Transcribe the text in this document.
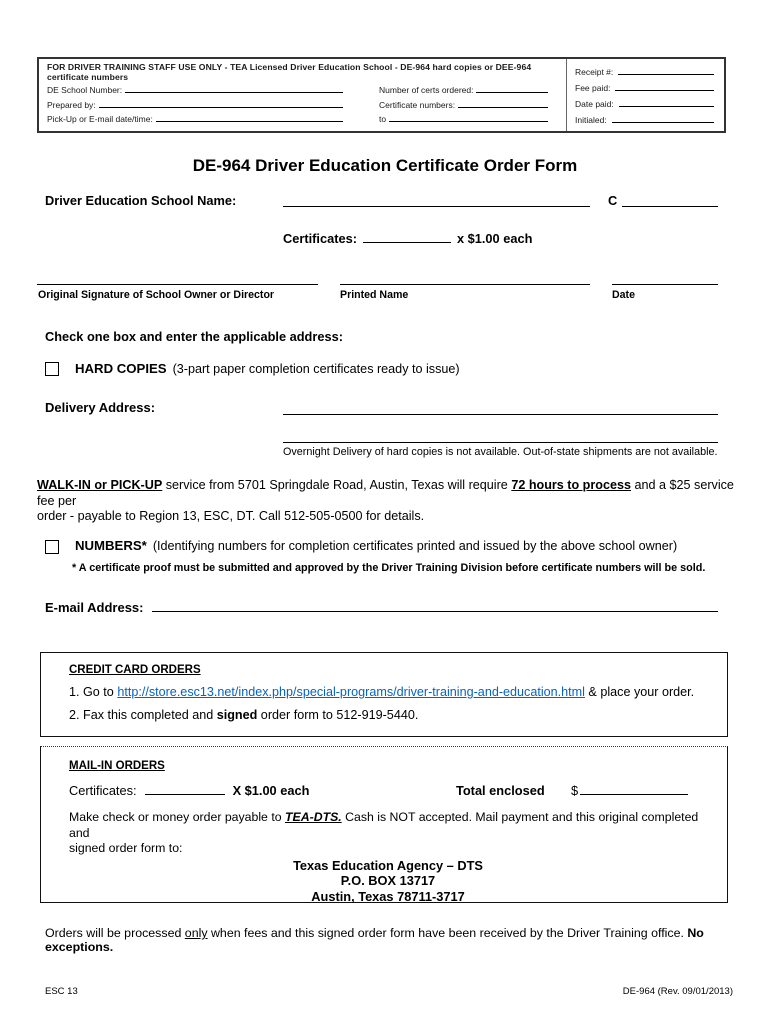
FOR DRIVER TRAINING STAFF USE ONLY - TEA Licensed Driver Education School - DE-964 hard copies or DEE-964 certificate numbers
DE School Number:	Number of certs ordered:
Prepared by:	Certificate numbers:
Pick-Up or E-mail date/time:	to
Receipt #:
Fee paid:
Date paid:
Initialed:
DE-964 Driver Education Certificate Order Form
Driver Education School Name:	C
Certificates:	x $1.00 each
Original Signature of School Owner or Director	Printed Name	Date
Check one box and enter the applicable address:
HARD COPIES (3-part paper completion certificates ready to issue)
Delivery Address:
Overnight Delivery of hard copies is not available. Out-of-state shipments are not available.
WALK-IN or PICK-UP service from 5701 Springdale Road, Austin, Texas will require 72 hours to process and a $25 service fee per
order - payable to Region 13, ESC, DT. Call 512-505-0500 for details.
NUMBERS* (Identifying numbers for completion certificates printed and issued by the above school owner)
* A certificate proof must be submitted and approved by the Driver Training Division before certificate numbers will be sold.
E-mail Address:
CREDIT CARD ORDERS
1. Go to http://store.esc13.net/index.php/special-programs/driver-training-and-education.html & place your order.
2. Fax this completed and signed order form to 512-919-5440.
MAIL-IN ORDERS
Certificates:	X $1.00 each	Total enclosed $
Make check or money order payable to TEA-DTS. Cash is NOT accepted. Mail payment and this original completed and
signed order form to:
Texas Education Agency – DTS
P.O. BOX 13717
Austin, Texas 78711-3717
Orders will be processed only when fees and this signed order form have been received by the Driver Training office. No exceptions.
ESC 13	DE-964 (Rev. 09/01/2013)
